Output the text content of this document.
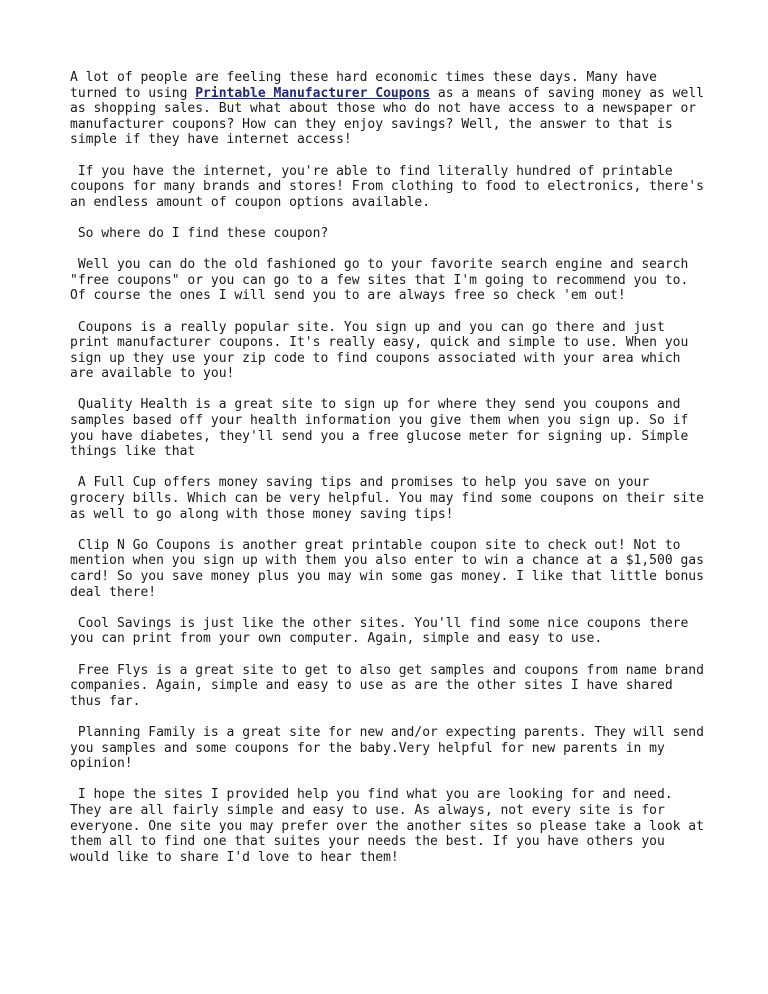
A lot of people are feeling these hard economic times these days. Many have turned to using Printable Manufacturer Coupons as a means of saving money as well as shopping sales. But what about those who do not have access to a newspaper or manufacturer coupons? How can they enjoy savings? Well, the answer to that is simple if they have internet access!

If you have the internet, you're able to find literally hundred of printable coupons for many brands and stores! From clothing to food to electronics, there's an endless amount of coupon options available.

So where do I find these coupon?

Well you can do the old fashioned go to your favorite search engine and search "free coupons" or you can go to a few sites that I'm going to recommend you to. Of course the ones I will send you to are always free so check 'em out!

Coupons is a really popular site. You sign up and you can go there and just print manufacturer coupons. It's really easy, quick and simple to use. When you sign up they use your zip code to find coupons associated with your area which are available to you!

Quality Health is a great site to sign up for where they send you coupons and samples based off your health information you give them when you sign up. So if you have diabetes, they'll send you a free glucose meter for signing up. Simple things like that

A Full Cup offers money saving tips and promises to help you save on your grocery bills. Which can be very helpful. You may find some coupons on their site as well to go along with those money saving tips!

Clip N Go Coupons is another great printable coupon site to check out! Not to mention when you sign up with them you also enter to win a chance at a $1,500 gas card! So you save money plus you may win some gas money. I like that little bonus deal there!

Cool Savings is just like the other sites. You'll find some nice coupons there you can print from your own computer. Again, simple and easy to use.

Free Flys is a great site to get to also get samples and coupons from name brand companies. Again, simple and easy to use as are the other sites I have shared thus far.

Planning Family is a great site for new and/or expecting parents. They will send you samples and some coupons for the baby.Very helpful for new parents in my opinion!

I hope the sites I provided help you find what you are looking for and need. They are all fairly simple and easy to use. As always, not every site is for everyone. One site you may prefer over the another sites so please take a look at them all to find one that suites your needs the best. If you have others you would like to share I'd love to hear them!
